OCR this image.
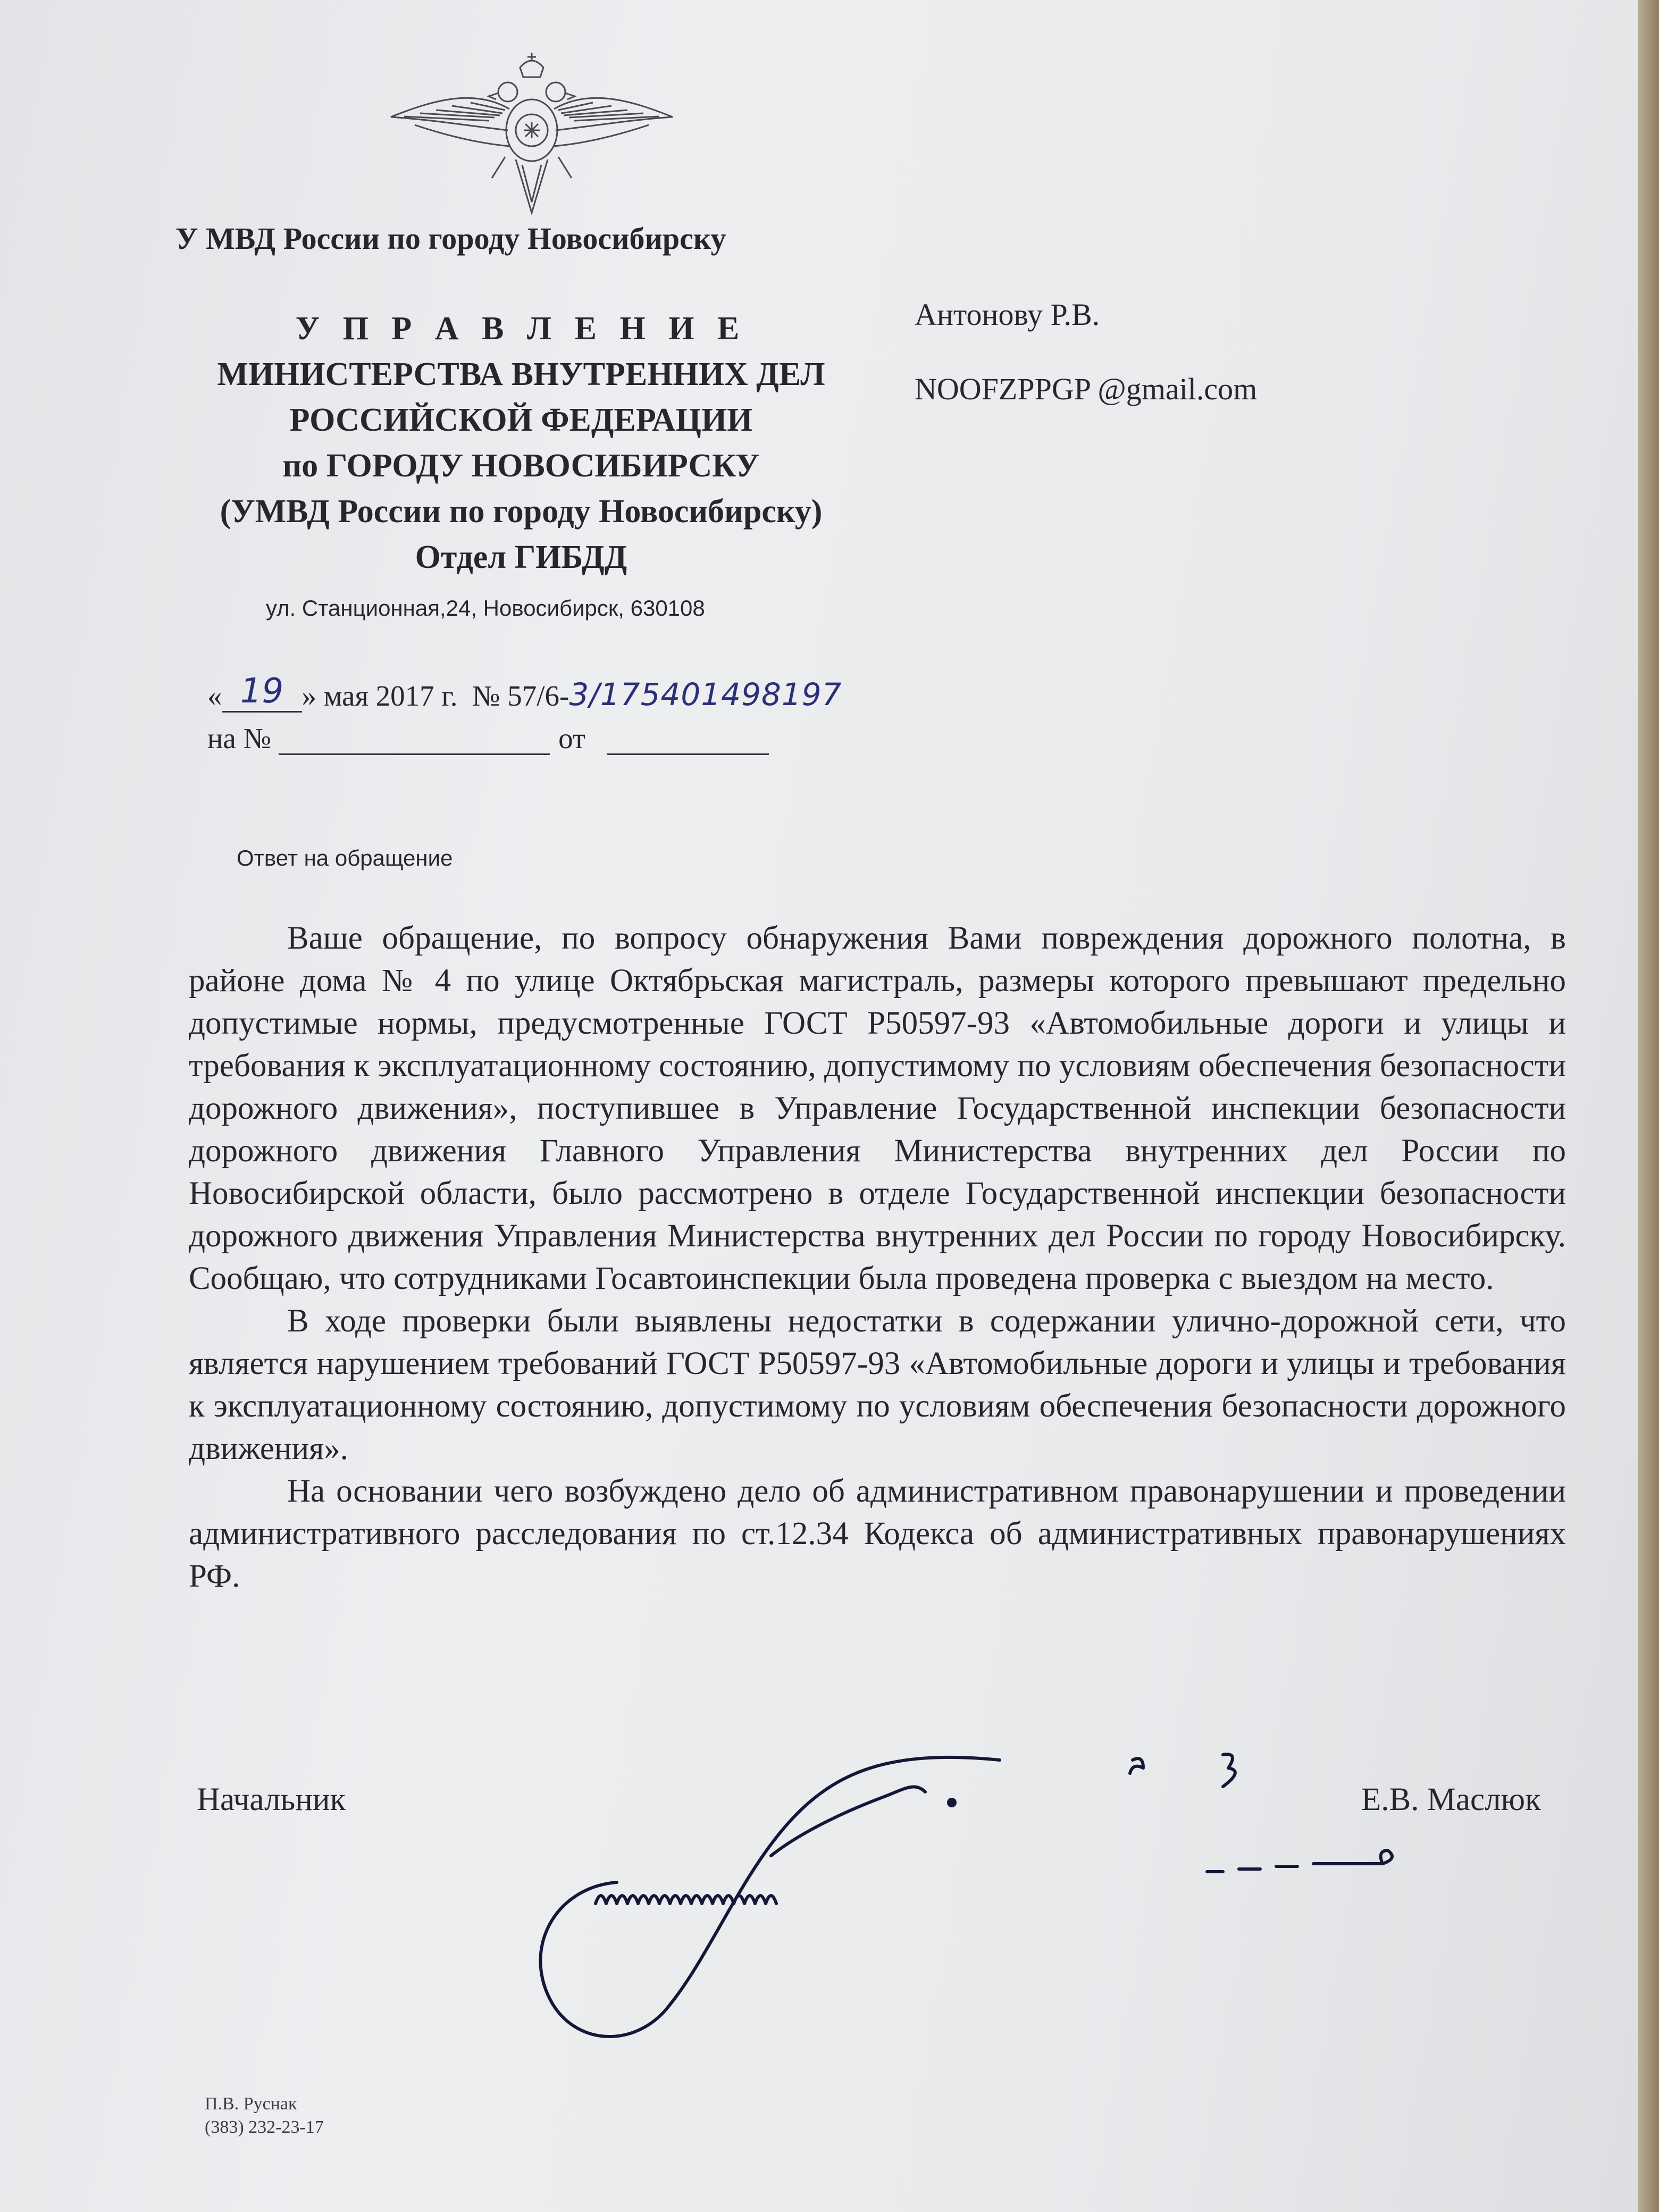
У МВД России по городу Новосибирску
У П Р А В Л Е Н И Е
МИНИСТЕРСТВА ВНУТРЕННИХ ДЕЛ
РОССИЙСКОЙ ФЕДЕРАЦИИ
по ГОРОДУ НОВОСИБИРСКУ
(УМВД России по городу Новосибирску)
Отдел ГИБДД
ул. Станционная,24, Новосибирск, 630108
Антонову Р.В.
NOOFZPPGP @gmail.com
« 19 » мая 2017 г.  № 57/6- 3/175401498197
на №	от
Ответ на обращение

Ваше обращение, по вопросу обнаружения Вами повреждения дорожного полотна, в районе дома № 4 по улице Октябрьская магистраль, размеры которого превышают предельно допустимые нормы, предусмотренные ГОСТ Р50597-93 «Автомобильные дороги и улицы и требования к эксплуатационному состоянию, допустимому по условиям обеспечения безопасности дорожного движения», поступившее в Управление Государственной инспекции безопасности дорожного движения Главного Управления Министерства внутренних дел России по Новосибирской области, было рассмотрено в отделе Государственной инспекции безопасности дорожного движения Управления Министерства внутренних дел России по городу Новосибирску. Сообщаю, что сотрудниками Госавтоинспекции была проведена проверка с выездом на место.

В ходе проверки были выявлены недостатки в содержании улично-дорожной сети, что является нарушением требований ГОСТ Р50597-93 «Автомобильные дороги и улицы и требования к эксплуатационному состоянию, допустимому по условиям обеспечения безопасности дорожного движения».

На основании чего возбуждено дело об административном правонарушении и проведении административного расследования по ст.12.34 Кодекса об административных правонарушениях РФ.

Начальник	Е.В. Маслюк
П.В. Руснак
(383) 232-23-17
